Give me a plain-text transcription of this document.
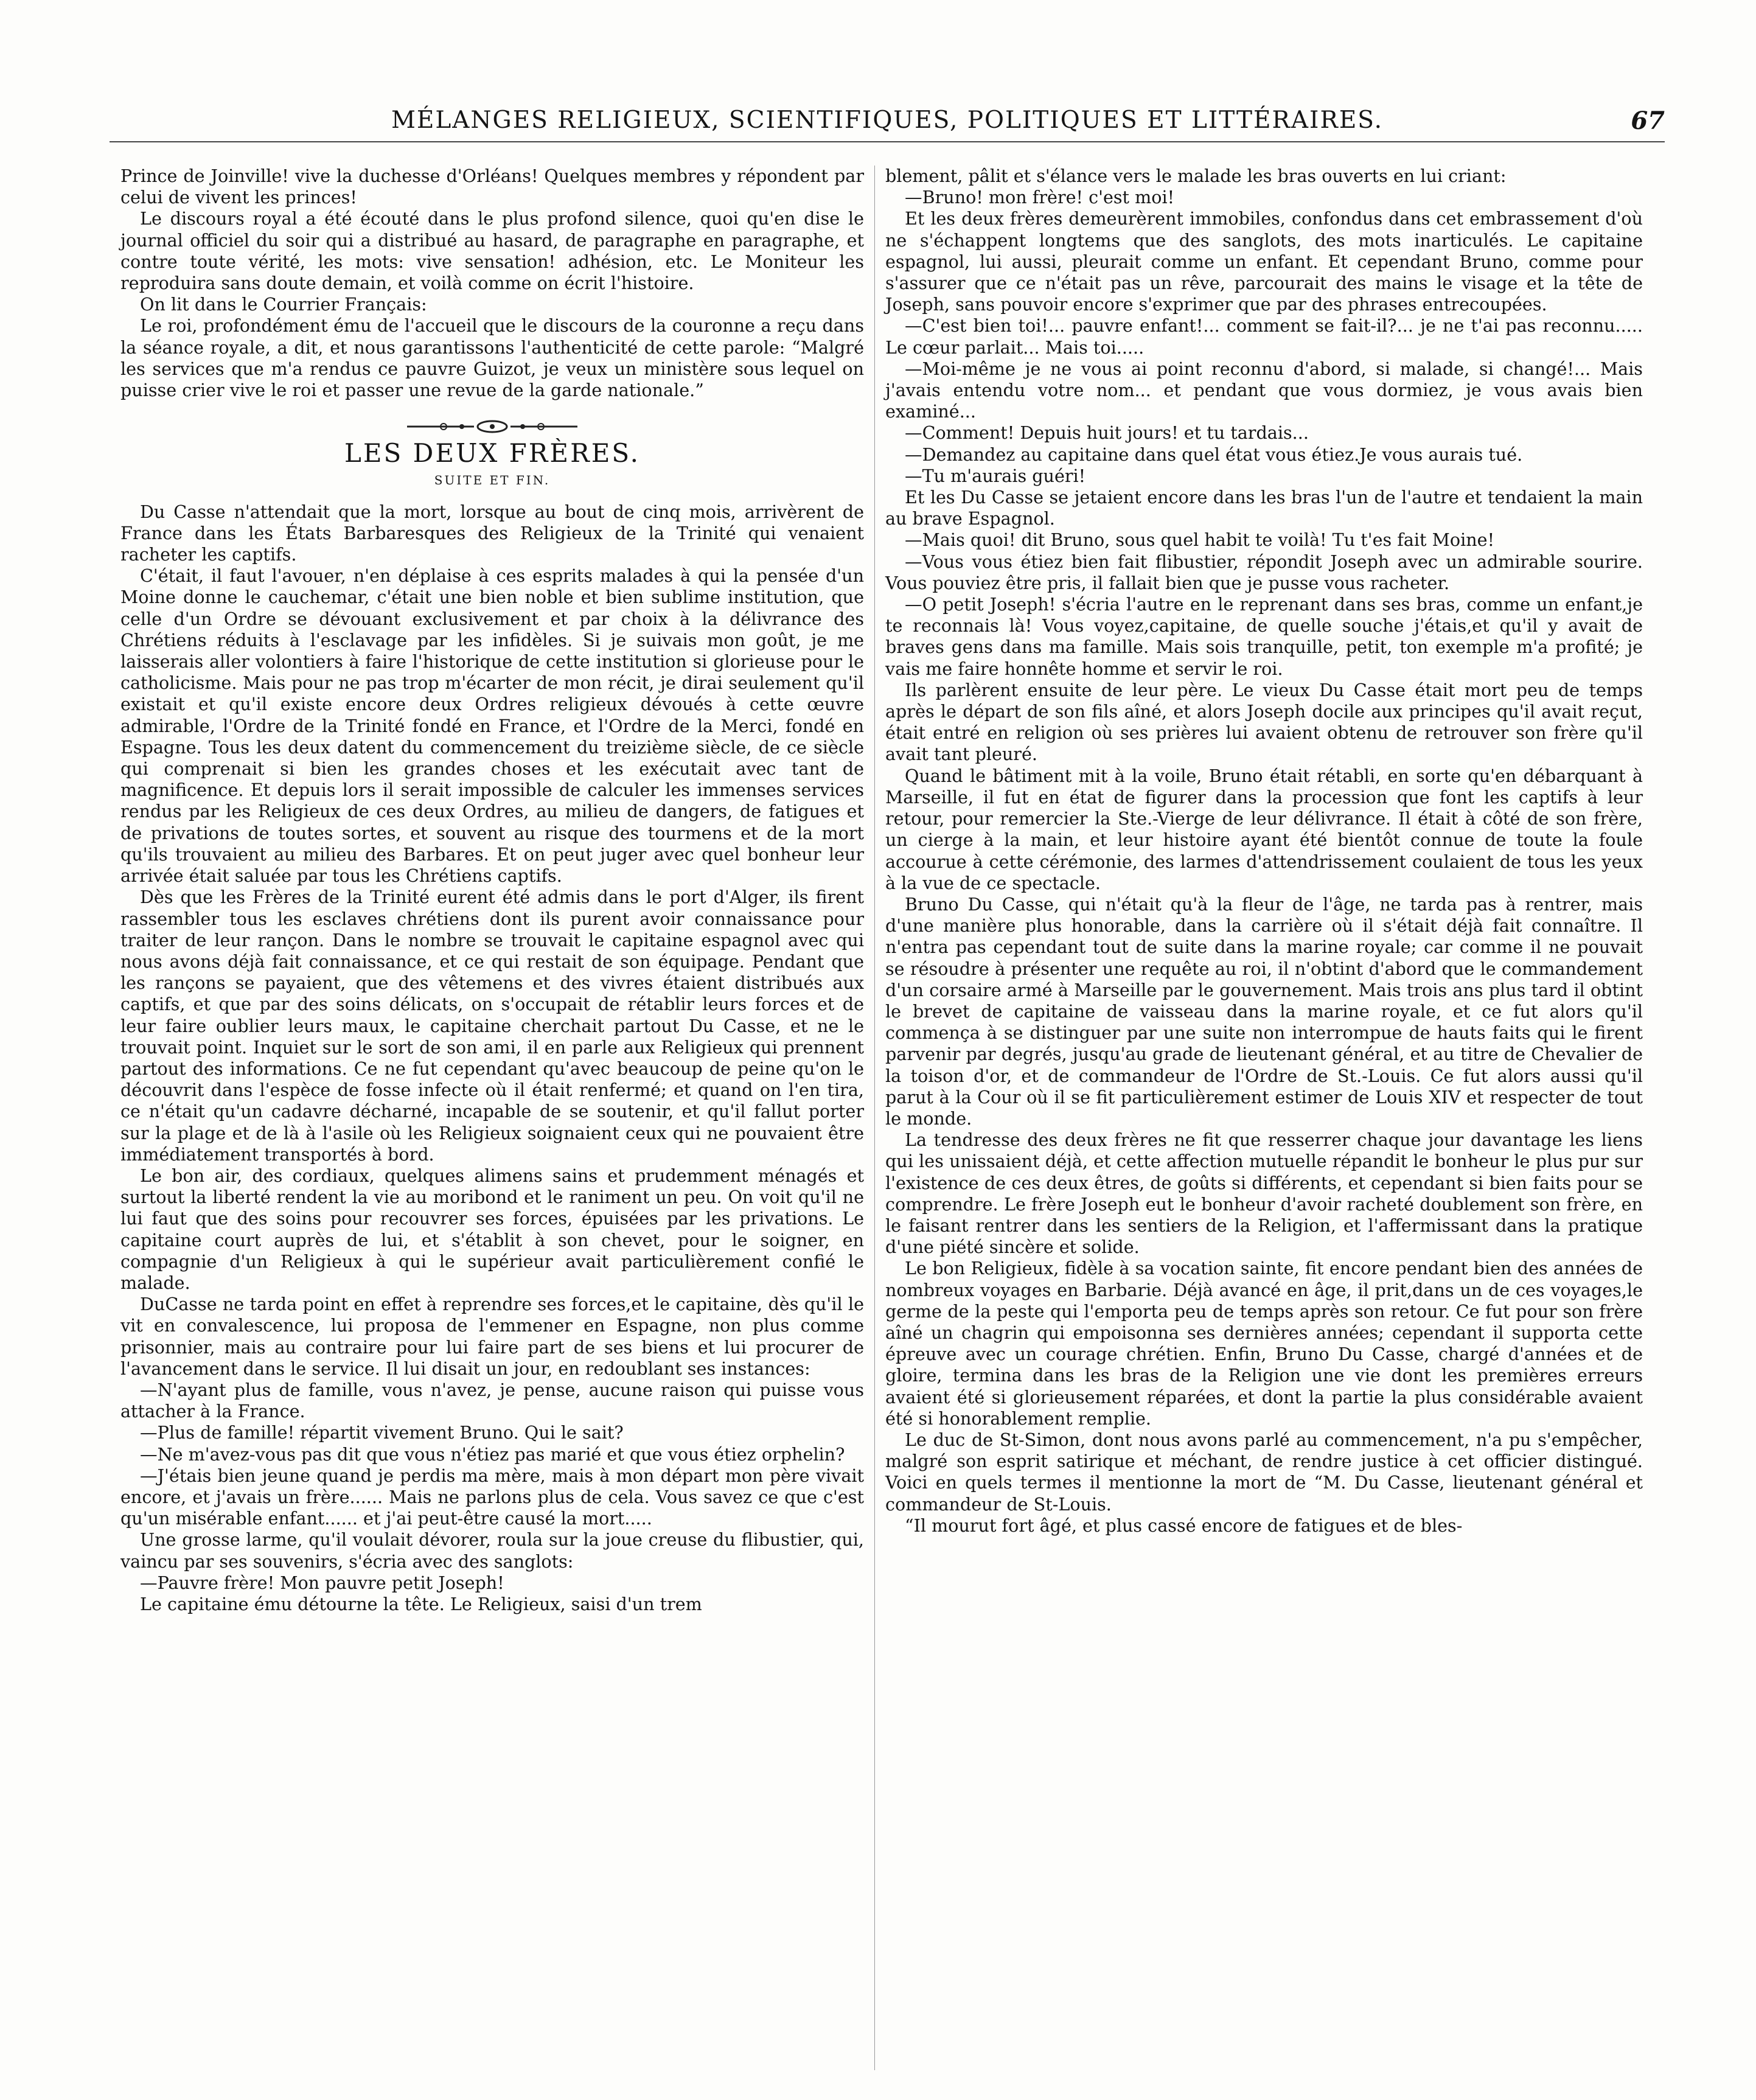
MÉLANGES RELIGIEUX, SCIENTIFIQUES, POLITIQUES ET LITTÉRAIRES.	67

Prince de Joinville! vive la duchesse d'Orléans! Quelques membres y répondent par celui de vivent les princes!

Le discours royal a été écouté dans le plus profond silence, quoi qu'en dise le journal officiel du soir qui a distribué au hasard, de paragraphe en paragraphe, et contre toute vérité, les mots: vive sensation! adhésion, etc. Le Moniteur les reproduira sans doute demain, et voilà comme on écrit l'histoire.

On lit dans le Courrier Français:

Le roi, profondément ému de l'accueil que le discours de la couronne a reçu dans la séance royale, a dit, et nous garantissons l'authenticité de cette parole: “Malgré les services que m'a rendus ce pauvre Guizot, je veux un ministère sous lequel on puisse crier vive le roi et passer une revue de la garde nationale.”

LES DEUX FRÈRES.
SUITE ET FIN.

Du Casse n'attendait que la mort, lorsque au bout de cinq mois, arrivèrent de France dans les États Barbaresques des Religieux de la Trinité qui venaient racheter les captifs.

C'était, il faut l'avouer, n'en déplaise à ces esprits malades à qui la pensée d'un Moine donne le cauchemar, c'était une bien noble et bien sublime institution, que celle d'un Ordre se dévouant exclusivement et par choix à la délivrance des Chrétiens réduits à l'esclavage par les infidèles. Si je suivais mon goût, je me laisserais aller volontiers à faire l'historique de cette institution si glorieuse pour le catholicisme. Mais pour ne pas trop m'écarter de mon récit, je dirai seulement qu'il existait et qu'il existe encore deux Ordres religieux dévoués à cette œuvre admirable, l'Ordre de la Trinité fondé en France, et l'Ordre de la Merci, fondé en Espagne. Tous les deux datent du commencement du treizième siècle, de ce siècle qui comprenait si bien les grandes choses et les exécutait avec tant de magnificence. Et depuis lors il serait impossible de calculer les immenses services rendus par les Religieux de ces deux Ordres, au milieu de dangers, de fatigues et de privations de toutes sortes, et souvent au risque des tourmens et de la mort qu'ils trouvaient au milieu des Barbares. Et on peut juger avec quel bonheur leur arrivée était saluée par tous les Chrétiens captifs.

Dès que les Frères de la Trinité eurent été admis dans le port d'Alger, ils firent rassembler tous les esclaves chrétiens dont ils purent avoir connaissance pour traiter de leur rançon. Dans le nombre se trouvait le capitaine espagnol avec qui nous avons déjà fait connaissance, et ce qui restait de son équipage. Pendant que les rançons se payaient, que des vêtemens et des vivres étaient distribués aux captifs, et que par des soins délicats, on s'occupait de rétablir leurs forces et de leur faire oublier leurs maux, le capitaine cherchait partout Du Casse, et ne le trouvait point. Inquiet sur le sort de son ami, il en parle aux Religieux qui prennent partout des informations. Ce ne fut cependant qu'avec beaucoup de peine qu'on le découvrit dans l'espèce de fosse infecte où il était renfermé; et quand on l'en tira, ce n'était qu'un cadavre décharné, incapable de se soutenir, et qu'il fallut porter sur la plage et de là à l'asile où les Religieux soignaient ceux qui ne pouvaient être immédiatement transportés à bord.

Le bon air, des cordiaux, quelques alimens sains et prudemment ménagés et surtout la liberté rendent la vie au moribond et le raniment un peu. On voit qu'il ne lui faut que des soins pour recouvrer ses forces, épuisées par les privations. Le capitaine court auprès de lui, et s'établit à son chevet, pour le soigner, en compagnie d'un Religieux à qui le supérieur avait particulièrement confié le malade.

DuCasse ne tarda point en effet à reprendre ses forces,et le capitaine, dès qu'il le vit en convalescence, lui proposa de l'emmener en Espagne, non plus comme prisonnier, mais au contraire pour lui faire part de ses biens et lui procurer de l'avancement dans le service. Il lui disait un jour, en redoublant ses instances:

—N'ayant plus de famille, vous n'avez, je pense, aucune raison qui puisse vous attacher à la France.

—Plus de famille! répartit vivement Bruno. Qui le sait?

—Ne m'avez-vous pas dit que vous n'étiez pas marié et que vous étiez orphelin?

—J'étais bien jeune quand je perdis ma mère, mais à mon départ mon père vivait encore, et j'avais un frère...... Mais ne parlons plus de cela. Vous savez ce que c'est qu'un misérable enfant...... et j'ai peut-être causé la mort.....

Une grosse larme, qu'il voulait dévorer, roula sur la joue creuse du flibustier, qui, vaincu par ses souvenirs, s'écria avec des sanglots:

—Pauvre frère! Mon pauvre petit Joseph!

Le capitaine ému détourne la tête. Le Religieux, saisi d'un trem

blement, pâlit et s'élance vers le malade les bras ouverts en lui criant:

—Bruno! mon frère! c'est moi!

Et les deux frères demeurèrent immobiles, confondus dans cet embrassement d'où ne s'échappent longtems que des sanglots, des mots inarticulés. Le capitaine espagnol, lui aussi, pleurait comme un enfant. Et cependant Bruno, comme pour s'assurer que ce n'était pas un rêve, parcourait des mains le visage et la tête de Joseph, sans pouvoir encore s'exprimer que par des phrases entrecoupées.

—C'est bien toi!... pauvre enfant!... comment se fait-il?... je ne t'ai pas reconnu..... Le cœur parlait... Mais toi.....

—Moi-même je ne vous ai point reconnu d'abord, si malade, si changé!... Mais j'avais entendu votre nom... et pendant que vous dormiez, je vous avais bien examiné...

—Comment! Depuis huit jours! et tu tardais...

—Demandez au capitaine dans quel état vous étiez.Je vous aurais tué.

—Tu m'aurais guéri!

Et les Du Casse se jetaient encore dans les bras l'un de l'autre et tendaient la main au brave Espagnol.

—Mais quoi! dit Bruno, sous quel habit te voilà! Tu t'es fait Moine!

—Vous vous étiez bien fait flibustier, répondit Joseph avec un admirable sourire. Vous pouviez être pris, il fallait bien que je pusse vous racheter.

—O petit Joseph! s'écria l'autre en le reprenant dans ses bras, comme un enfant,je te reconnais là! Vous voyez,capitaine, de quelle souche j'étais,et qu'il y avait de braves gens dans ma famille. Mais sois tranquille, petit, ton exemple m'a profité; je vais me faire honnête homme et servir le roi.

Ils parlèrent ensuite de leur père. Le vieux Du Casse était mort peu de temps après le départ de son fils aîné, et alors Joseph docile aux principes qu'il avait reçut, était entré en religion où ses prières lui avaient obtenu de retrouver son frère qu'il avait tant pleuré.

Quand le bâtiment mit à la voile, Bruno était rétabli, en sorte qu'en débarquant à Marseille, il fut en état de figurer dans la procession que font les captifs à leur retour, pour remercier la Ste.-Vierge de leur délivrance. Il était à côté de son frère, un cierge à la main, et leur histoire ayant été bientôt connue de toute la foule accourue à cette cérémonie, des larmes d'attendrissement coulaient de tous les yeux à la vue de ce spectacle.

Bruno Du Casse, qui n'était qu'à la fleur de l'âge, ne tarda pas à rentrer, mais d'une manière plus honorable, dans la carrière où il s'était déjà fait connaître. Il n'entra pas cependant tout de suite dans la marine royale; car comme il ne pouvait se résoudre à présenter une requête au roi, il n'obtint d'abord que le commandement d'un corsaire armé à Marseille par le gouvernement. Mais trois ans plus tard il obtint le brevet de capitaine de vaisseau dans la marine royale, et ce fut alors qu'il commença à se distinguer par une suite non interrompue de hauts faits qui le firent parvenir par degrés, jusqu'au grade de lieutenant général, et au titre de Chevalier de la toison d'or, et de commandeur de l'Ordre de St.-Louis. Ce fut alors aussi qu'il parut à la Cour où il se fit particulièrement estimer de Louis XIV et respecter de tout le monde.

La tendresse des deux frères ne fit que resserrer chaque jour davantage les liens qui les unissaient déjà, et cette affection mutuelle répandit le bonheur le plus pur sur l'existence de ces deux êtres, de goûts si différents, et cependant si bien faits pour se comprendre. Le frère Joseph eut le bonheur d'avoir racheté doublement son frère, en le faisant rentrer dans les sentiers de la Religion, et l'affermissant dans la pratique d'une piété sincère et solide.

Le bon Religieux, fidèle à sa vocation sainte, fit encore pendant bien des années de nombreux voyages en Barbarie. Déjà avancé en âge, il prit,dans un de ces voyages,le germe de la peste qui l'emporta peu de temps après son retour. Ce fut pour son frère aîné un chagrin qui empoisonna ses dernières années; cependant il supporta cette épreuve avec un courage chrétien. Enfin, Bruno Du Casse, chargé d'années et de gloire, termina dans les bras de la Religion une vie dont les premières erreurs avaient été si glorieusement réparées, et dont la partie la plus considérable avaient été si honorablement remplie.

Le duc de St-Simon, dont nous avons parlé au commencement, n'a pu s'empêcher, malgré son esprit satirique et méchant, de rendre justice à cet officier distingué. Voici en quels termes il mentionne la mort de “M. Du Casse, lieutenant général et commandeur de St-Louis.

“Il mourut fort âgé, et plus cassé encore de fatigues et de bles-
